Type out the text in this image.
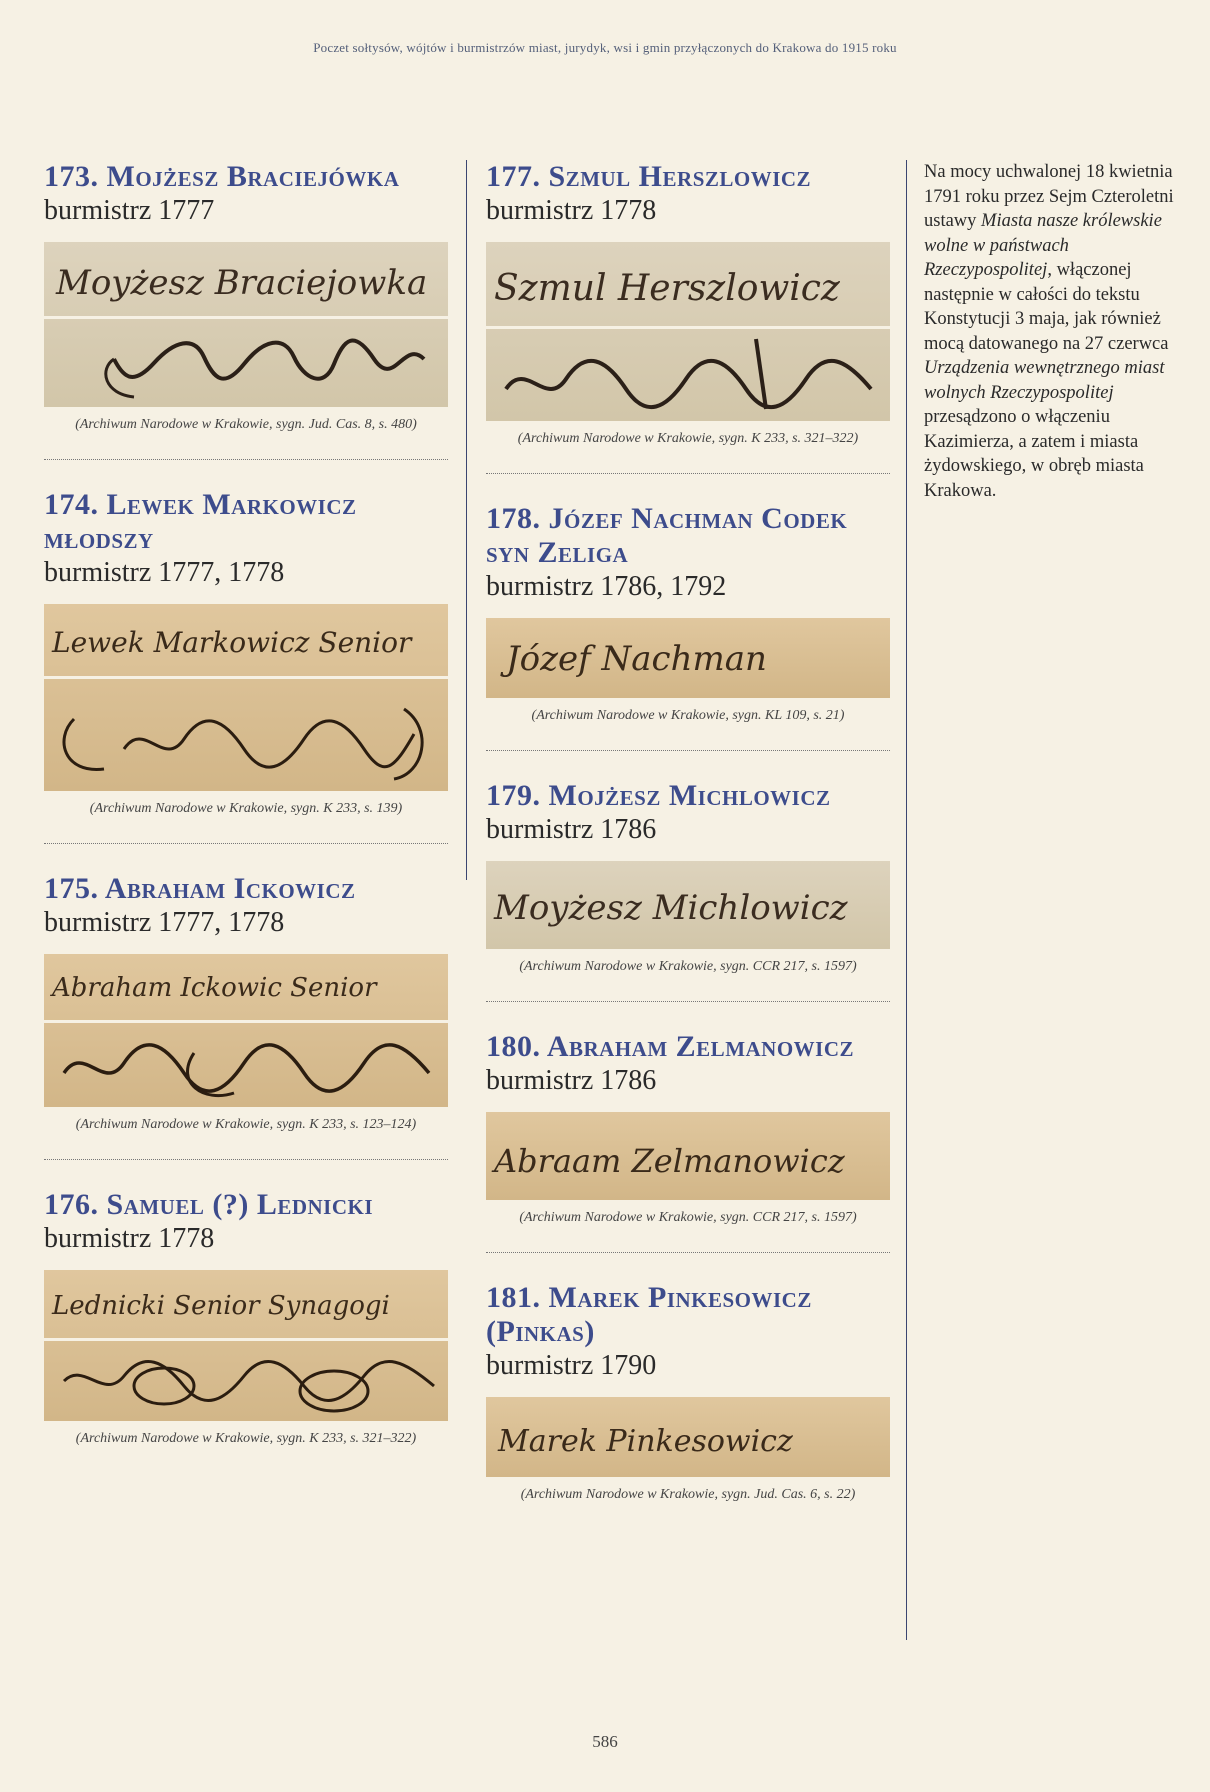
Poczet sołtysów, wójtów i burmistrzów miast, jurydyk, wsi i gmin przyłączonych do Krakowa do 1915 roku
173. Mojżesz Braciejówka
burmistrz 1777
Moyżesz Braciejowka
(Archiwum Narodowe w Krakowie, sygn. Jud. Cas. 8, s. 480)
174. Lewek Markowicz młodszy
burmistrz 1777, 1778
Lewek Markowicz Senior
(Archiwum Narodowe w Krakowie, sygn. K 233, s. 139)
175. Abraham Ickowicz
burmistrz 1777, 1778
Abraham Ickowic Senior
(Archiwum Narodowe w Krakowie, sygn. K 233, s. 123–124)
176. Samuel (?) Lednicki
burmistrz 1778
Lednicki Senior Synagogi
(Archiwum Narodowe w Krakowie, sygn. K 233, s. 321–322)
177. Szmul Herszlowicz
burmistrz 1778
Szmul Herszlowicz
(Archiwum Narodowe w Krakowie, sygn. K 233, s. 321–322)
178. Józef Nachman Codek syn Zeliga
burmistrz 1786, 1792
Józef Nachman
(Archiwum Narodowe w Krakowie, sygn. KL 109, s. 21)
179. Mojżesz Michlowicz
burmistrz 1786
Moyżesz Michlowicz
(Archiwum Narodowe w Krakowie, sygn. CCR 217, s. 1597)
180. Abraham Zelmanowicz
burmistrz 1786
Abraam Zelmanowicz
(Archiwum Narodowe w Krakowie, sygn. CCR 217, s. 1597)
181. Marek Pinkesowicz (Pinkas)
burmistrz 1790
Marek Pinkesowicz
(Archiwum Narodowe w Krakowie, sygn. Jud. Cas. 6, s. 22)
Na mocy uchwalonej 18 kwietnia 1791 roku przez Sejm Czteroletni ustawy Miasta nasze królewskie wolne w państwach Rzeczypospolitej, włączonej następnie w całości do tekstu Konstytucji 3 maja, jak również mocą datowanego na 27 czerwca Urządzenia wewnętrznego miast wolnych Rzeczypospolitej przesądzono o włączeniu Kazimierza, a zatem i miasta żydowskiego, w obręb miasta Krakowa.
586
